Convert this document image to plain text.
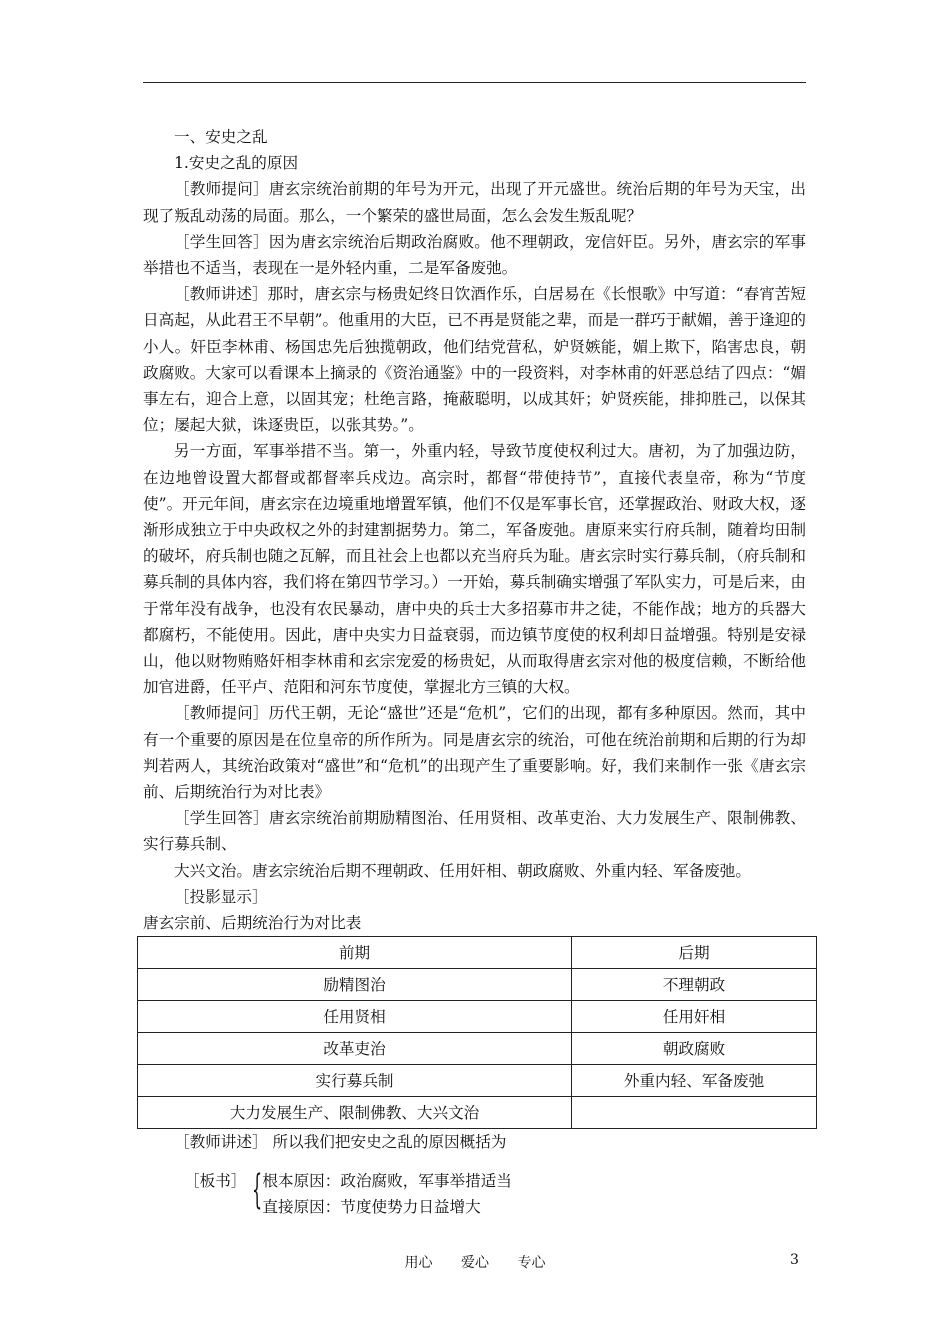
一、安史之乱

1.安史之乱的原因

［教师提问］唐玄宗统治前期的年号为开元，出现了开元盛世。统治后期的年号为天宝，出现了叛乱动荡的局面。那么，一个繁荣的盛世局面，怎么会发生叛乱呢？

［学生回答］因为唐玄宗统治后期政治腐败。他不理朝政，宠信奸臣。另外，唐玄宗的军事举措也不适当，表现在一是外轻内重，二是军备废弛。

［教师讲述］那时，唐玄宗与杨贵妃终日饮酒作乐，白居易在《长恨歌》中写道：“春宵苦短日高起，从此君王不早朝”。他重用的大臣，已不再是贤能之辈，而是一群巧于献媚，善于逢迎的小人。奸臣李林甫、杨国忠先后独揽朝政，他们结党营私，妒贤嫉能，媚上欺下，陷害忠良，朝政腐败。大家可以看课本上摘录的《资治通鉴》中的一段资料，对李林甫的奸恶总结了四点：“媚事左右，迎合上意，以固其宠；杜绝言路，掩蔽聪明，以成其奸；妒贤疾能，排抑胜己，以保其位；屡起大狱，诛逐贵臣，以张其势。”。

另一方面，军事举措不当。第一，外重内轻，导致节度使权利过大。唐初，为了加强边防，在边地曾设置大都督或都督率兵戍边。高宗时，都督“带使持节”，直接代表皇帝，称为“节度使”。开元年间，唐玄宗在边境重地增置军镇，他们不仅是军事长官，还掌握政治、财政大权，逐渐形成独立于中央政权之外的封建割据势力。第二，军备废弛。唐原来实行府兵制，随着均田制的破坏，府兵制也随之瓦解，而且社会上也都以充当府兵为耻。唐玄宗时实行募兵制，（府兵制和募兵制的具体内容，我们将在第四节学习。）一开始，募兵制确实增强了军队实力，可是后来，由于常年没有战争，也没有农民暴动，唐中央的兵士大多招募市井之徒，不能作战；地方的兵器大都腐朽，不能使用。因此，唐中央实力日益衰弱，而边镇节度使的权利却日益增强。特别是安禄山，他以财物贿赂奸相李林甫和玄宗宠爱的杨贵妃，从而取得唐玄宗对他的极度信赖，不断给他加官进爵，任平卢、范阳和河东节度使，掌握北方三镇的大权。

［教师提问］历代王朝，无论“盛世”还是“危机”，它们的出现，都有多种原因。然而，其中有一个重要的原因是在位皇帝的所作所为。同是唐玄宗的统治，可他在统治前期和后期的行为却判若两人，其统治政策对“盛世”和“危机”的出现产生了重要影响。好，我们来制作一张《唐玄宗前、后期统治行为对比表》

［学生回答］唐玄宗统治前期励精图治、任用贤相、改革吏治、大力发展生产、限制佛教、实行募兵制、

大兴文治。唐玄宗统治后期不理朝政、任用奸相、朝政腐败、外重内轻、军备废弛。

［投影显示］

唐玄宗前、后期统治行为对比表

前期	后期
励精图治	不理朝政
任用贤相	任用奸相
改革吏治	朝政腐败
实行募兵制	外重内轻、军备废弛
大力发展生产、限制佛教、大兴文治	

［教师讲述］ 所以我们把安史之乱的原因概括为

［板书］ { 根本原因：政治腐败，军事举措适当
直接原因：节度使势力日益增大
用心 爱心 专心	3
